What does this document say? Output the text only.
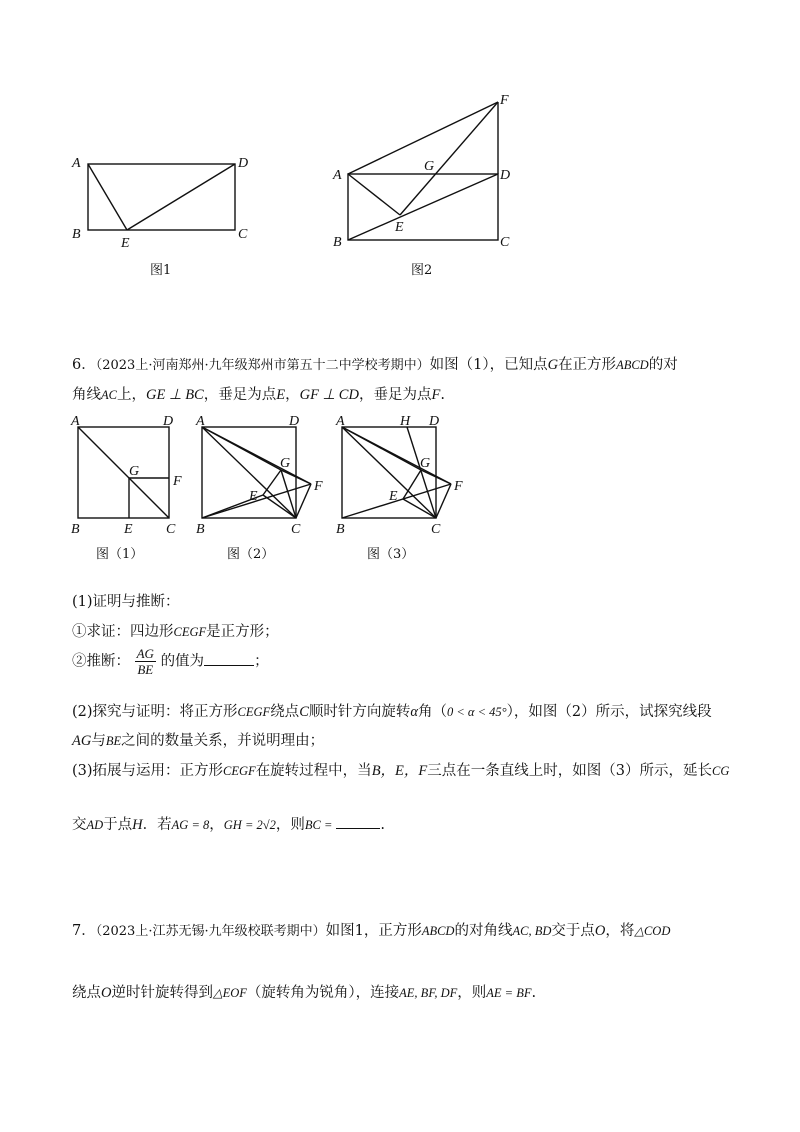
A	D
B
E
C
图1
F
A
G
D
E
B	C
图2
6．（2023上·河南郑州·九年级郑州市第五十二中学校考期中）如图（1），已知点G在正方形ABCD的对
角线AC上，GE ⊥ BC，垂足为点E，GF ⊥ CD，垂足为点F.
A	D
G
F
B	E C
图（1）
A	D
G
F
E
B	C
图（2）
A	H D
G
F
E
B	C
图（3）
(1)证明与推断：
①求证：四边形CEGF是正方形；
②推断： $\frac{AG}{BE}$ 的值为	；
(2)探究与证明：将正方形CEGF绕点C顺时针方向旋转α角（0 < α < 45°），如图（2）所示，试探究线段
AG与BE之间的数量关系，并说明理由；
(3)拓展与运用：正方形CEGF在旋转过程中，当B，E，F三点在一条直线上时，如图（3）所示，延长CG
交AD于点H．若AG = 8，GH = 2√2，则BC =	.
7．（2023上·江苏无锡·九年级校联考期中）如图1，正方形ABCD的对角线AC, BD交于点O，将△COD
绕点O逆时针旋转得到△EOF（旋转角为锐角），连接AE, BF, DF，则AE = BF.
